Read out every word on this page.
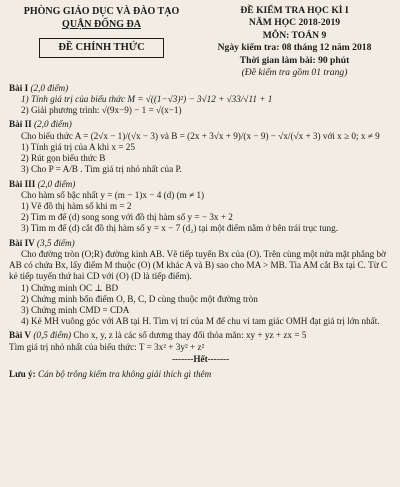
PHÒNG GIÁO DỤC VÀ ĐÀO TẠO
QUẬN ĐỐNG ĐA
ĐỀ CHÍNH THỨC
ĐỀ KIỂM TRA HỌC KÌ I
NĂM HỌC 2018-2019
MÔN: TOÁN 9
Ngày kiểm tra: 08 tháng 12 năm 2018
Thời gian làm bài: 90 phút
(Đề kiểm tra gồm 01 trang)
Bài I (2,0 điểm)
1) Tính giá trị của biểu thức M = √((1−√3)²) − 3√12 + √33/√11 + 1
2) Giải phương trình: √(9x−9) − 1 = √(x−1)
Bài II (2,0 điểm)
Cho biểu thức A = (2√x − 1)/(√x − 3) và B = (2x + 3√x + 9)/(x − 9) − √x/(√x + 3) với x ≥ 0; x ≠ 9
1) Tính giá trị của A khi x = 25
2) Rút gọn biểu thức B
3) Cho P = A/B . Tìm giá trị nhỏ nhất của P.
Bài III (2,0 điểm)
Cho hàm số bậc nhất y = (m − 1)x − 4 (d) (m ≠ 1)
1) Vẽ đồ thị hàm số khi m = 2
2) Tìm m để (d) song song với đồ thị hàm số y = − 3x + 2
3) Tìm m để (d) cắt đồ thị hàm số y = x − 7 (d₂) tại một điểm nằm ở bên trái trục tung.
Bài IV (3,5 điểm)
Cho đường tròn (O;R) đường kính AB. Vẽ tiếp tuyến Bx của (O). Trên cùng một nửa mặt phẳng bờ AB có chứa Bx, lấy điểm M thuộc (O) (M khác A và B) sao cho MA > MB. Tia AM cắt Bx tại C. Từ C kẻ tiếp tuyến thứ hai CD với (O) (D là tiếp điểm).
1) Chứng minh OC ⊥ BD
2) Chứng minh bốn điểm O, B, C, D cùng thuộc một đường tròn
3) Chứng minh CMD = CDA
4) Kẻ MH vuông góc với AB tại H. Tìm vị trí của M để chu vi tam giác OMH đạt giá trị lớn nhất.
Bài V (0,5 điểm) Cho x, y, z là các số dương thay đổi thỏa mãn: xy + yz + zx = 5
Tìm giá trị nhỏ nhất của biểu thức: T = 3x² + 3y² + z²
-------Hết-------
Lưu ý: Cán bộ trông kiểm tra không giải thích gì thêm
